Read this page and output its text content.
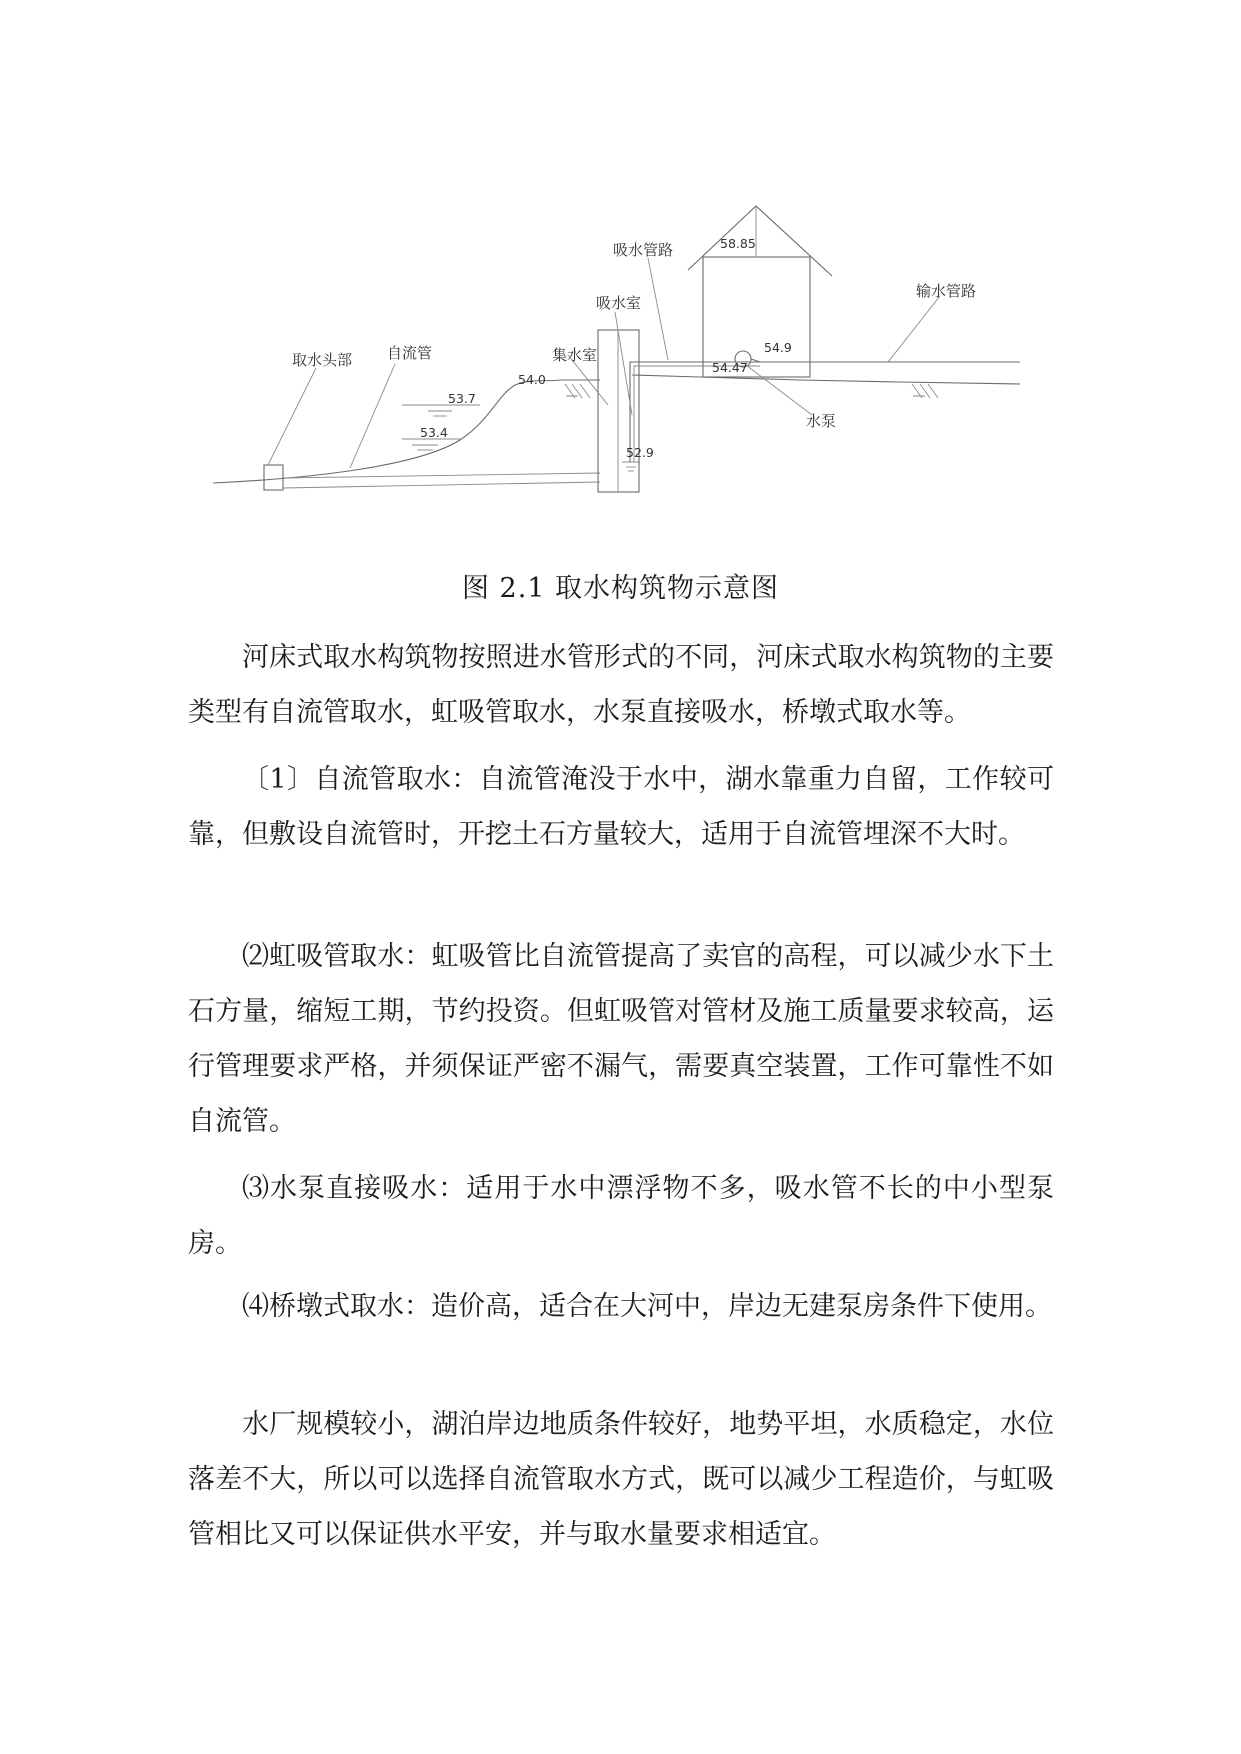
取水头部 自流管	集水室
吸水室
吸水管路
输水管路
水泵
58.85
54.9
54.47
54.0
53.7
53.4
52.9
图 2.1 取水构筑物示意图

河床式取水构筑物按照进水管形式的不同，河床式取水构筑物的主要类型有自流管取水，虹吸管取水，水泵直接吸水，桥墩式取水等。

〔1〕自流管取水：自流管淹没于水中，湖水靠重力自留，工作较可靠，但敷设自流管时，开挖土石方量较大，适用于自流管埋深不大时。

⑵虹吸管取水：虹吸管比自流管提高了卖官的高程，可以减少水下土石方量，缩短工期，节约投资。但虹吸管对管材及施工质量要求较高，运行管理要求严格，并须保证严密不漏气，需要真空装置，工作可靠性不如自流管。

⑶水泵直接吸水：适用于水中漂浮物不多，吸水管不长的中小型泵房。

⑷桥墩式取水：造价高，适合在大河中，岸边无建泵房条件下使用。

水厂规模较小，湖泊岸边地质条件较好，地势平坦，水质稳定，水位落差不大，所以可以选择自流管取水方式，既可以减少工程造价，与虹吸管相比又可以保证供水平安，并与取水量要求相适宜。
